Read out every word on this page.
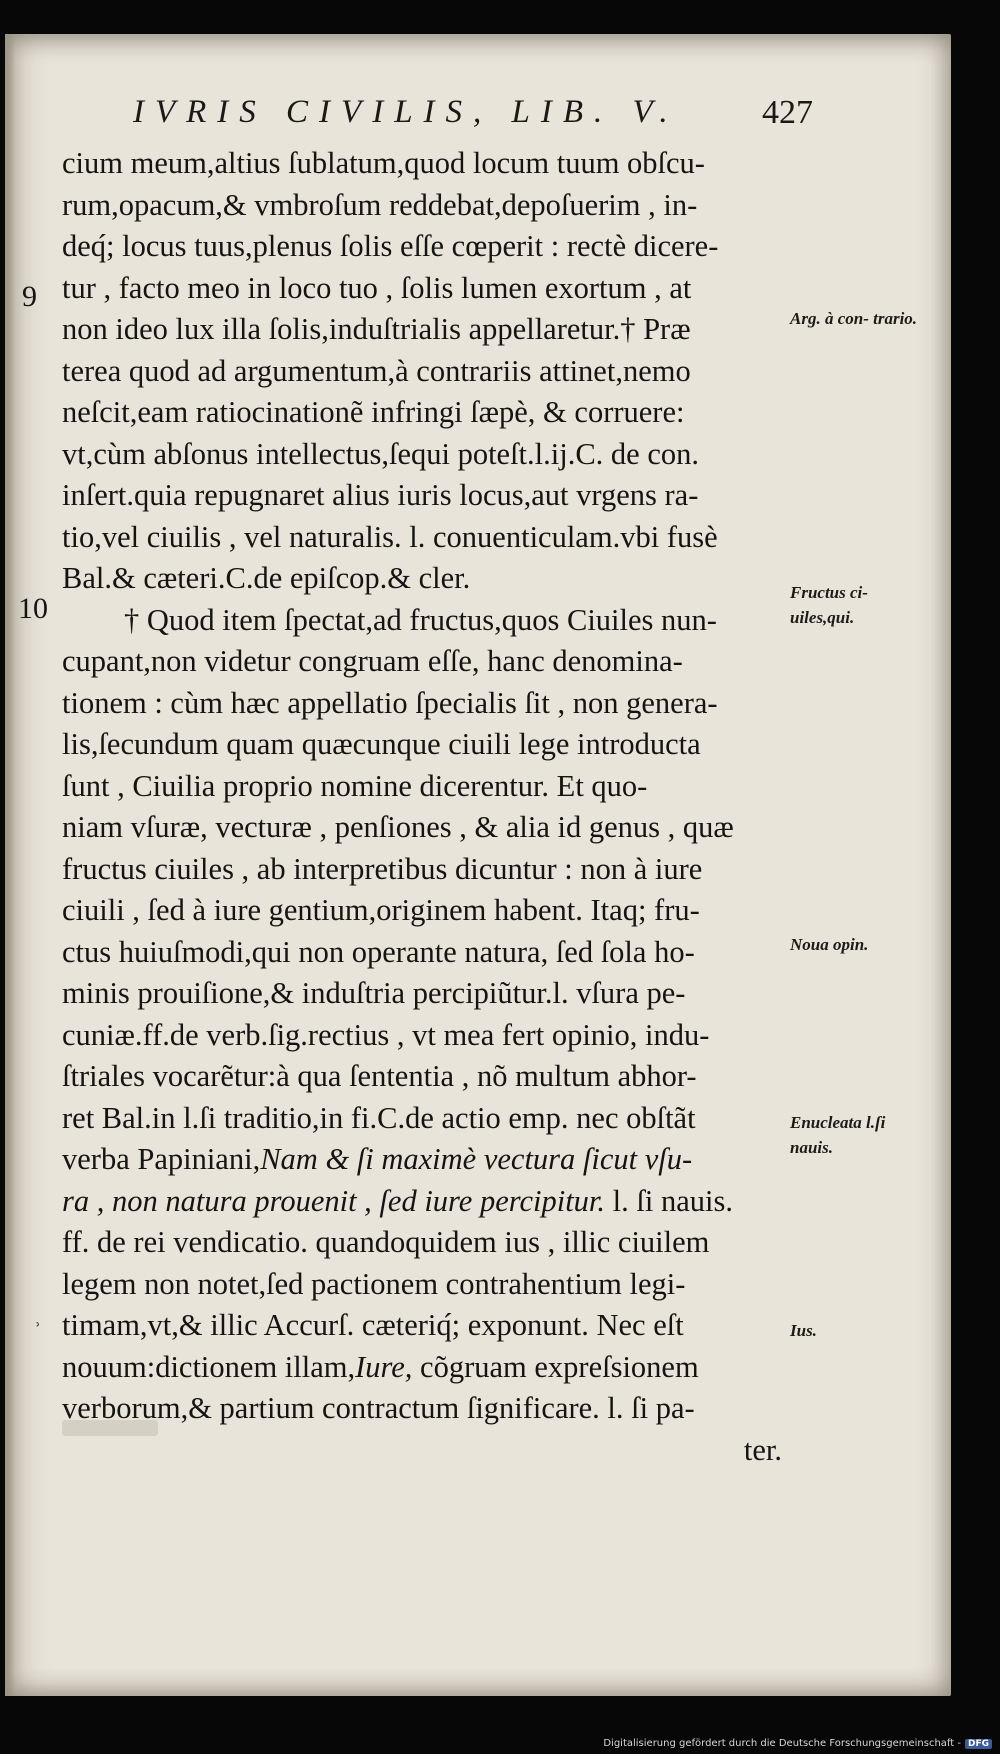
IVRIS CIVILIS, LIB. V. 427
cium meum,altius ſublatum,quod locum tuum obſcu-
rum,opacum,& vmbroſum reddebat,depoſuerim , in-
deq́; locus tuus,plenus ſolis eſſe cœperit : rectè dicere-
tur , facto meo in loco tuo , ſolis lumen exortum , at
non ideo lux illa ſolis,induſtrialis appellaretur.† Præ
terea quod ad argumentum,à contrariis attinet,nemo
neſcit,eam ratiocinationẽ infringi ſæpè, & corruere:
vt,cùm abſonus intellectus,ſequi poteſt.l.ij.C. de con.
inſert.quia repugnaret alius iuris locus,aut vrgens ra-
tio,vel ciuilis , vel naturalis. l. conuenticulam.vbi fusè
Bal.& cæteri.C.de epiſcop.& cler.
† Quod item ſpectat,ad fructus,quos Ciuiles nun-
cupant,non videtur congruam eſſe, hanc denomina-
tionem : cùm hæc appellatio ſpecialis ſit , non genera-
lis,ſecundum quam quæcunque ciuili lege introducta
ſunt , Ciuilia proprio nomine dicerentur. Et quo-
niam vſuræ, vecturæ , penſiones , & alia id genus , quæ
fructus ciuiles , ab interpretibus dicuntur : non à iure
ciuili , ſed à iure gentium,originem habent. Itaq; fru-
ctus huiuſmodi,qui non operante natura, ſed ſola ho-
minis prouiſione,& induſtria percipiũtur.l. vſura pe-
cuniæ.ff.de verb.ſig.rectius , vt mea fert opinio, indu-
ſtriales vocarẽtur:à qua ſententia , nõ multum abhor-
ret Bal.in l.ſi traditio,in fi.C.de actio emp. nec obſtãt
verba Papiniani,Nam & ſi maximè vectura ſicut vſu-
ra , non natura prouenit , ſed iure percipitur. l. ſi nauis.
ff. de rei vendicatio. quandoquidem ius , illic ciuilem
legem non notet,ſed pactionem contrahentium legi-
timam,vt,& illic Accurſ. cæteriq́; exponunt. Nec eſt
nouum:dictionem illam,Iure, cõgruam expreſsionem
verborum,& partium contractum ſignificare. l. ſi pa-
ter.
9
10
ʾ
Arg. à con- trario.
Fructus ci- uiles,qui.
Noua opin.
Enucleata l.ſi nauis.
Ius.
Digitalisierung gefördert durch die Deutsche Forschungsgemeinschaft - DFG
